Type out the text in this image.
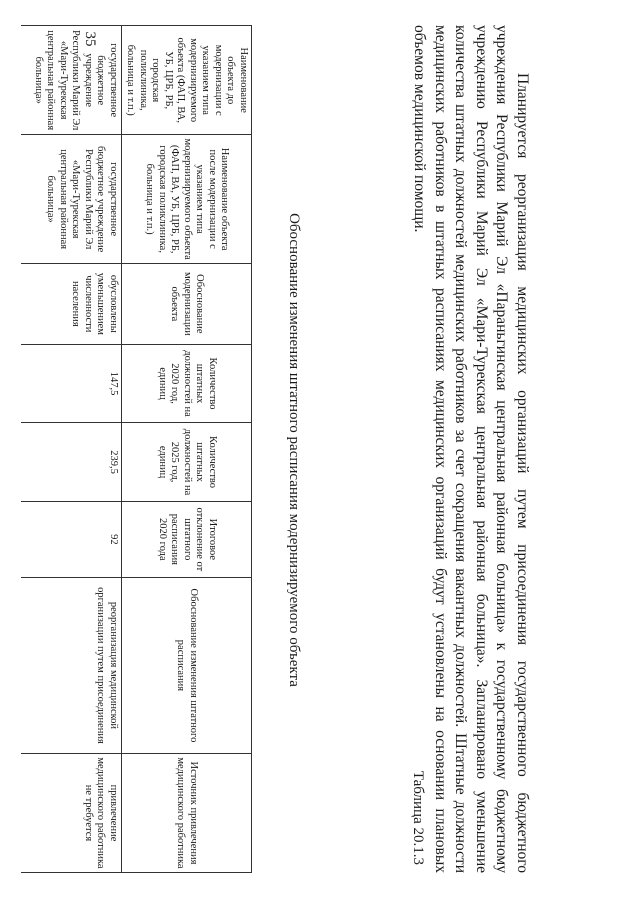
35
Планируется реорганизация медицинских организаций путем присоединения государственного бюджетного учреждения Республики Марий Эл «Параньгинская центральная районная больница» к государственному бюджетному учреждению Республики Марий Эл «Мари-Турекская центральная районная больница». Запланировано уменьшение количества штатных должностей медицинских работников за счет сокращения вакантных должностей. Штатные должности медицинских работников в штатных расписаниях медицинских организаций будут установлены на основании плановых объемов медицинской помощи.
Таблица 20.1.3
Обоснование изменения штатного расписания модернизируемого объекта
Наименование объекта до модернизации с указанием типа модернизируемого объекта (ФАП, ВА, УБ, ЦРБ, РБ, городская поликлиника, больница и т.п.)	Наименование объекта после модернизации с указанием типа модернизируемого объекта (ФАП, ВА, УБ, ЦРБ, РБ, городская поликлиника, больница и т.п.)	Обоснование модернизации объекта	Количество штатных должностей на 2020 год, единиц	Количество штатных должностей на 2025 год, единиц	Итоговое отклонение от штатного расписания 2020 года	Обоснование изменения штатного расписания	Источник привлечения медицинского работника
государственное бюджетное учреждение Республики Марий Эл «Мари-Турекская центральная районная больница»	государственное бюджетное учреждение Республики Марий Эл «Мари-Турекская центральная районная больница»	обусловлены уменьшением численности населения	147,5	239,5	92	реорганизация медицинской организации путем присоединения	привлечение медицинского работника не требуется
